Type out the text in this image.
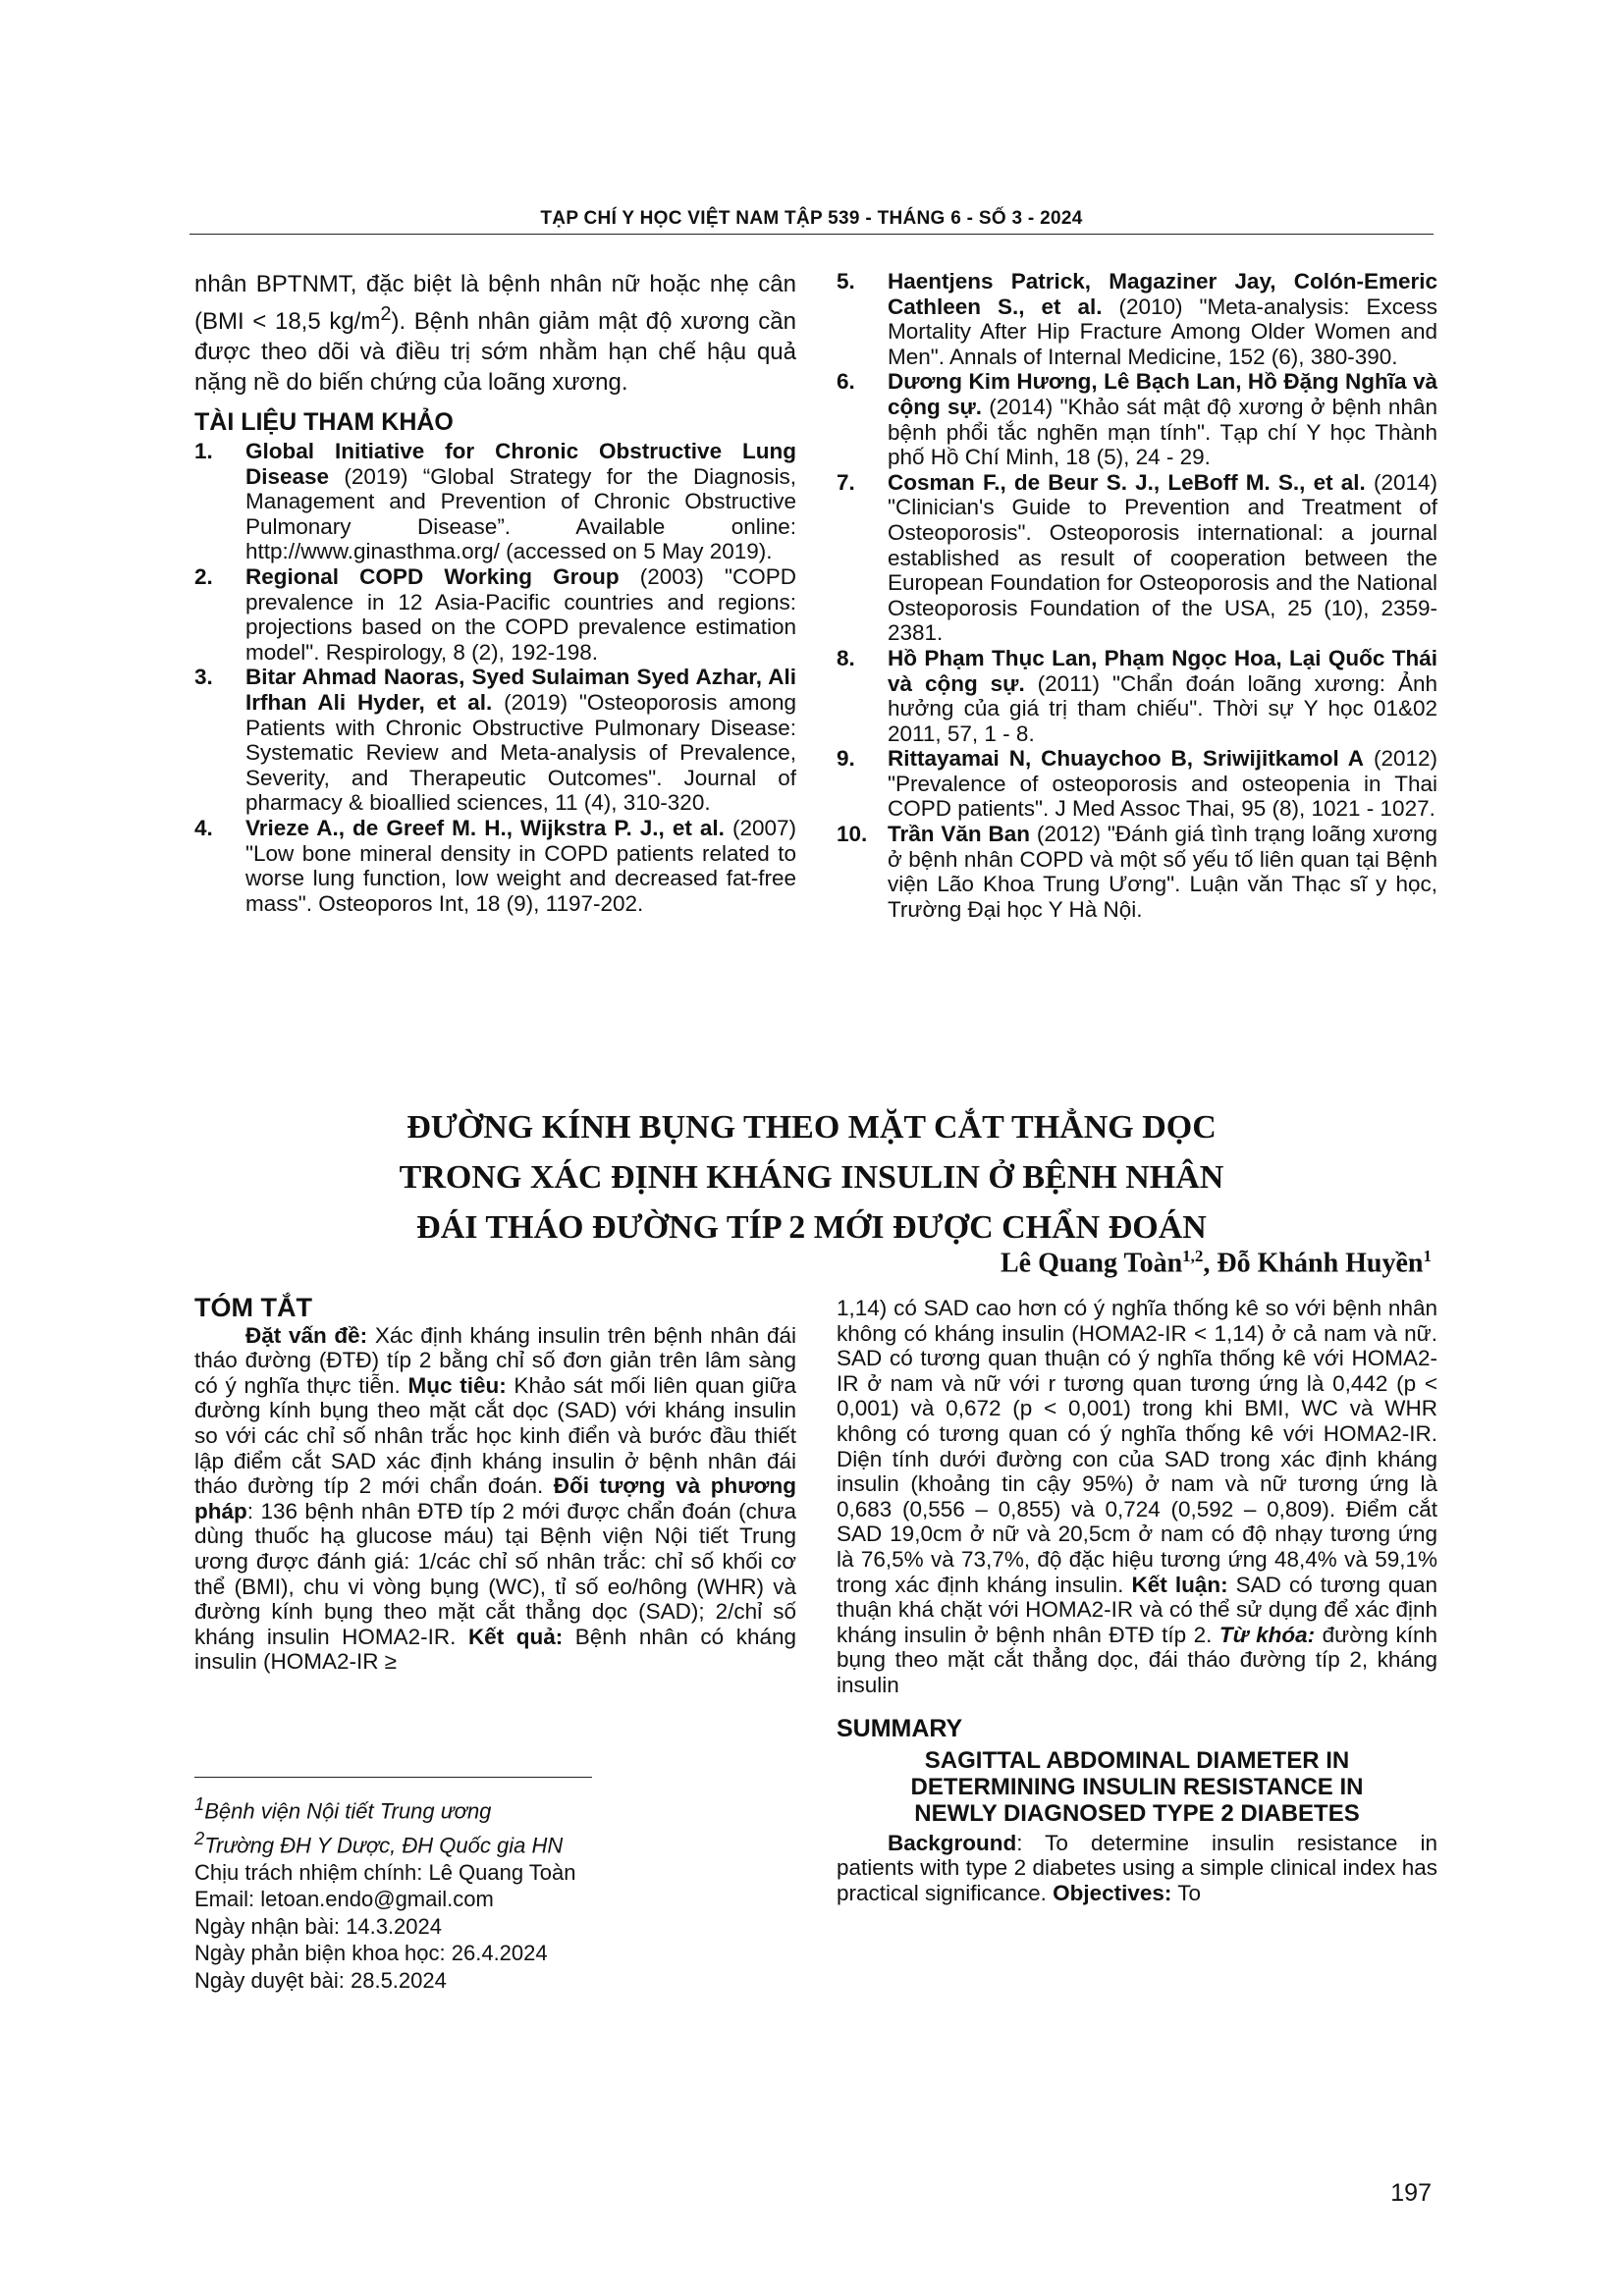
TẠP CHÍ Y HỌC VIỆT NAM TẬP 539 - THÁNG 6 - SỐ 3 - 2024

nhân BPTNMT, đặc biệt là bệnh nhân nữ hoặc nhẹ cân (BMI < 18,5 $kg/m^2$). Bệnh nhân giảm mật độ xương cần được theo dõi và điều trị sớm nhằm hạn chế hậu quả nặng nề do biến chứng của loãng xương.

TÀI LIỆU THAM KHẢO
1. Global Initiative for Chronic Obstructive Lung Disease (2019) “Global Strategy for the Diagnosis, Management and Prevention of Chronic Obstructive Pulmonary Disease”. Available online: http://www.ginasthma.org/ (accessed on 5 May 2019).
2. Regional COPD Working Group (2003) "COPD prevalence in 12 Asia-Pacific countries and regions: projections based on the COPD prevalence estimation model". Respirology, 8 (2), 192-198.
3. Bitar Ahmad Naoras, Syed Sulaiman Syed Azhar, Ali Irfhan Ali Hyder, et al. (2019) "Osteoporosis among Patients with Chronic Obstructive Pulmonary Disease: Systematic Review and Meta-analysis of Prevalence, Severity, and Therapeutic Outcomes". Journal of pharmacy & bioallied sciences, 11 (4), 310-320.
4. Vrieze A., de Greef M. H., Wijkstra P. J., et al. (2007) "Low bone mineral density in COPD patients related to worse lung function, low weight and decreased fat-free mass". Osteoporos Int, 18 (9), 1197-202.
5. Haentjens Patrick, Magaziner Jay, Colón-Emeric Cathleen S., et al. (2010) "Meta-analysis: Excess Mortality After Hip Fracture Among Older Women and Men". Annals of Internal Medicine, 152 (6), 380-390.
6. Dương Kim Hương, Lê Bạch Lan, Hồ Đặng Nghĩa và cộng sự. (2014) "Khảo sát mật độ xương ở bệnh nhân bệnh phổi tắc nghẽn mạn tính". Tạp chí Y học Thành phố Hồ Chí Minh, 18 (5), 24 - 29.
7. Cosman F., de Beur S. J., LeBoff M. S., et al. (2014) "Clinician's Guide to Prevention and Treatment of Osteoporosis". Osteoporosis international: a journal established as result of cooperation between the European Foundation for Osteoporosis and the National Osteoporosis Foundation of the USA, 25 (10), 2359-2381.
8. Hồ Phạm Thục Lan, Phạm Ngọc Hoa, Lại Quốc Thái và cộng sự. (2011) "Chẩn đoán loãng xương: Ảnh hưởng của giá trị tham chiếu". Thời sự Y học 01&02 2011, 57, 1 - 8.
9. Rittayamai N, Chuaychoo B, Sriwijitkamol A (2012) "Prevalence of osteoporosis and osteopenia in Thai COPD patients". J Med Assoc Thai, 95 (8), 1021 - 1027.
10. Trần Văn Ban (2012) "Đánh giá tình trạng loãng xương ở bệnh nhân COPD và một số yếu tố liên quan tại Bệnh viện Lão Khoa Trung Ương". Luận văn Thạc sĩ y học, Trường Đại học Y Hà Nội.
ĐƯỜNG KÍNH BỤNG THEO MẶT CẮT THẲNG DỌC
TRONG XÁC ĐỊNH KHÁNG INSULIN Ở BỆNH NHÂN
ĐÁI THÁO ĐƯỜNG TÍP 2 MỚI ĐƯỢC CHẨN ĐOÁN
Lê Quang Toàn$^{1,2}$, Đỗ Khánh Huyền$^1$
TÓM TẮT

Đặt vấn đề: Xác định kháng insulin trên bệnh nhân đái tháo đường (ĐTĐ) típ 2 bằng chỉ số đơn giản trên lâm sàng có ý nghĩa thực tiễn. Mục tiêu: Khảo sát mối liên quan giữa đường kính bụng theo mặt cắt dọc (SAD) với kháng insulin so với các chỉ số nhân trắc học kinh điển và bước đầu thiết lập điểm cắt SAD xác định kháng insulin ở bệnh nhân đái tháo đường típ 2 mới chẩn đoán. Đối tượng và phương pháp: 136 bệnh nhân ĐTĐ típ 2 mới được chẩn đoán (chưa dùng thuốc hạ glucose máu) tại Bệnh viện Nội tiết Trung ương được đánh giá: 1/các chỉ số nhân trắc: chỉ số khối cơ thể (BMI), chu vi vòng bụng (WC), tỉ số eo/hông (WHR) và đường kính bụng theo mặt cắt thẳng dọc (SAD); 2/chỉ số kháng insulin HOMA2-IR. Kết quả: Bệnh nhân có kháng insulin (HOMA2-IR ≥

$^1$Bệnh viện Nội tiết Trung ương
$^2$Trường ĐH Y Dược, ĐH Quốc gia HN
Chịu trách nhiệm chính: Lê Quang Toàn
Email: letoan.endo@gmail.com
Ngày nhận bài: 14.3.2024
Ngày phản biện khoa học: 26.4.2024
Ngày duyệt bài: 28.5.2024

1,14) có SAD cao hơn có ý nghĩa thống kê so với bệnh nhân không có kháng insulin (HOMA2-IR < 1,14) ở cả nam và nữ. SAD có tương quan thuận có ý nghĩa thống kê với HOMA2-IR ở nam và nữ với r tương quan tương ứng là 0,442 (p < 0,001) và 0,672 (p < 0,001) trong khi BMI, WC và WHR không có tương quan có ý nghĩa thống kê với HOMA2-IR. Diện tính dưới đường con của SAD trong xác định kháng insulin (khoảng tin cậy 95%) ở nam và nữ tương ứng là 0,683 (0,556 – 0,855) và 0,724 (0,592 – 0,809). Điểm cắt SAD 19,0cm ở nữ và 20,5cm ở nam có độ nhạy tương ứng là 76,5% và 73,7%, độ đặc hiệu tương ứng 48,4% và 59,1% trong xác định kháng insulin. Kết luận: SAD có tương quan thuận khá chặt với HOMA2-IR và có thể sử dụng để xác định kháng insulin ở bệnh nhân ĐTĐ típ 2. Từ khóa: đường kính bụng theo mặt cắt thẳng dọc, đái tháo đường típ 2, kháng insulin

SUMMARY
SAGITTAL ABDOMINAL DIAMETER IN
DETERMINING INSULIN RESISTANCE IN
NEWLY DIAGNOSED TYPE 2 DIABETES

Background: To determine insulin resistance in patients with type 2 diabetes using a simple clinical index has practical significance. Objectives: To

197
